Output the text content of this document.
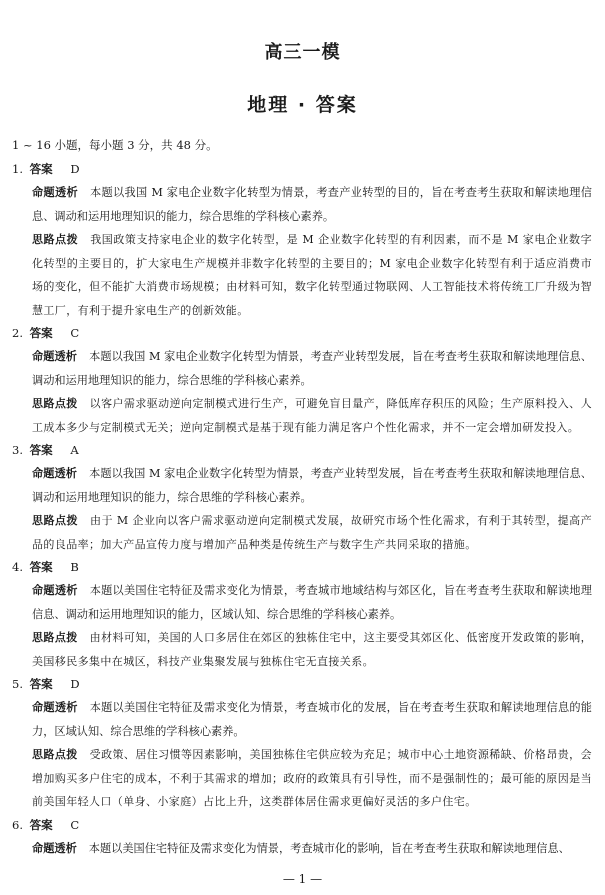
高三一模
地理 · 答案
1 ~ 16 小题，每小题 3 分，共 48 分。
1. 答案 D
命题透析 本题以我国 M 家电企业数字化转型为情景，考查产业转型的目的，旨在考查考生获取和解读地理信息、调动和运用地理知识的能力，综合思维的学科核心素养。
思路点拨 我国政策支持家电企业的数字化转型，是 M 企业数字化转型的有利因素，而不是 M 家电企业数字化转型的主要目的，扩大家电生产规模并非数字化转型的主要目的；M 家电企业数字化转型有利于适应消费市场的变化，但不能扩大消费市场规模；由材料可知，数字化转型通过物联网、人工智能技术将传统工厂升级为智慧工厂，有利于提升家电生产的创新效能。
2. 答案 C
命题透析 本题以我国 M 家电企业数字化转型为情景，考查产业转型发展，旨在考查考生获取和解读地理信息、调动和运用地理知识的能力，综合思维的学科核心素养。
思路点拨 以客户需求驱动逆向定制模式进行生产，可避免盲目量产，降低库存积压的风险；生产原料投入、人工成本多少与定制模式无关；逆向定制模式是基于现有能力满足客户个性化需求，并不一定会增加研发投入。
3. 答案 A
命题透析 本题以我国 M 家电企业数字化转型为情景，考查产业转型发展，旨在考查考生获取和解读地理信息、调动和运用地理知识的能力，综合思维的学科核心素养。
思路点拨 由于 M 企业向以客户需求驱动逆向定制模式发展，故研究市场个性化需求，有利于其转型，提高产品的良品率；加大产品宣传力度与增加产品种类是传统生产与数字生产共同采取的措施。
4. 答案 B
命题透析 本题以美国住宅特征及需求变化为情景，考查城市地域结构与郊区化，旨在考查考生获取和解读地理信息、调动和运用地理知识的能力，区域认知、综合思维的学科核心素养。
思路点拨 由材料可知，美国的人口多居住在郊区的独栋住宅中，这主要受其郊区化、低密度开发政策的影响，美国移民多集中在城区，科技产业集聚发展与独栋住宅无直接关系。
5. 答案 D
命题透析 本题以美国住宅特征及需求变化为情景，考查城市化的发展，旨在考查考生获取和解读地理信息的能力，区域认知、综合思维的学科核心素养。
思路点拨 受政策、居住习惯等因素影响，美国独栋住宅供应较为充足；城市中心土地资源稀缺、价格昂贵，会增加购买多户住宅的成本，不利于其需求的增加；政府的政策具有引导性，而不是强制性的；最可能的原因是当前美国年轻人口（单身、小家庭）占比上升，这类群体居住需求更偏好灵活的多户住宅。
6. 答案 C
命题透析 本题以美国住宅特征及需求变化为情景，考查城市化的影响，旨在考查考生获取和解读地理信息、
— 1 —
